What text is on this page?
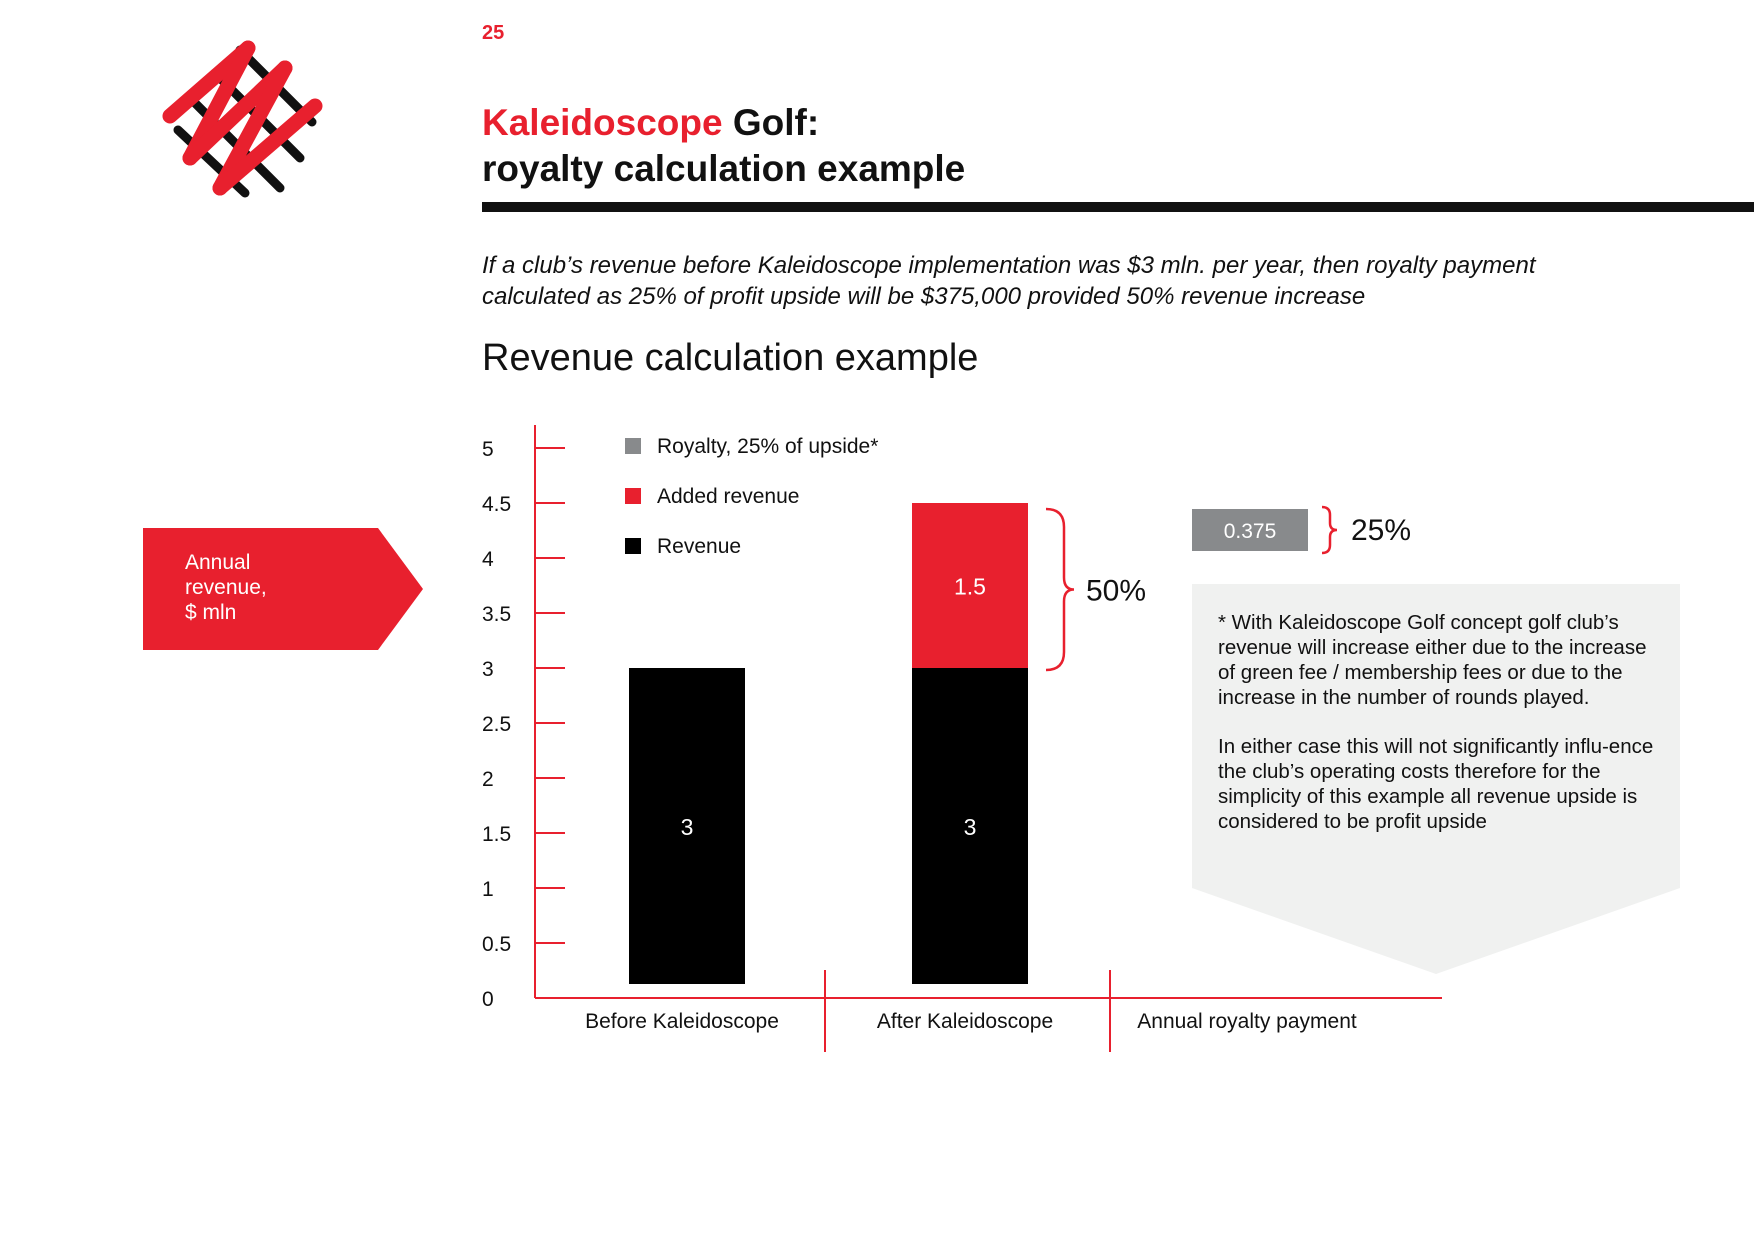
25
Kaleidoscope Golf:
royalty calculation example
If a club’s revenue before Kaleidoscope implementation was $3 mln. per year, then royalty payment
calculated as 25% of profit upside will be $375,000 provided 50% revenue increase
Revenue calculation example
Annual
revenue,
$ mln
0
0.5
1
1.5
2
2.5
3
3.5
4
4.5
5
Before Kaleidoscope	After Kaleidoscope	Annual royalty payment
3	3
1.5
0.375
Royalty, 25% of upside*
Added revenue
Revenue
50%
25%

* With Kaleidoscope Golf concept golf club’s revenue will increase either due to the increase of green fee / membership fees or due to the increase in the number of rounds played.

In either case this will not significantly influ-ence the club’s operating costs therefore for the simplicity of this example all revenue upside is considered to be profit upside
